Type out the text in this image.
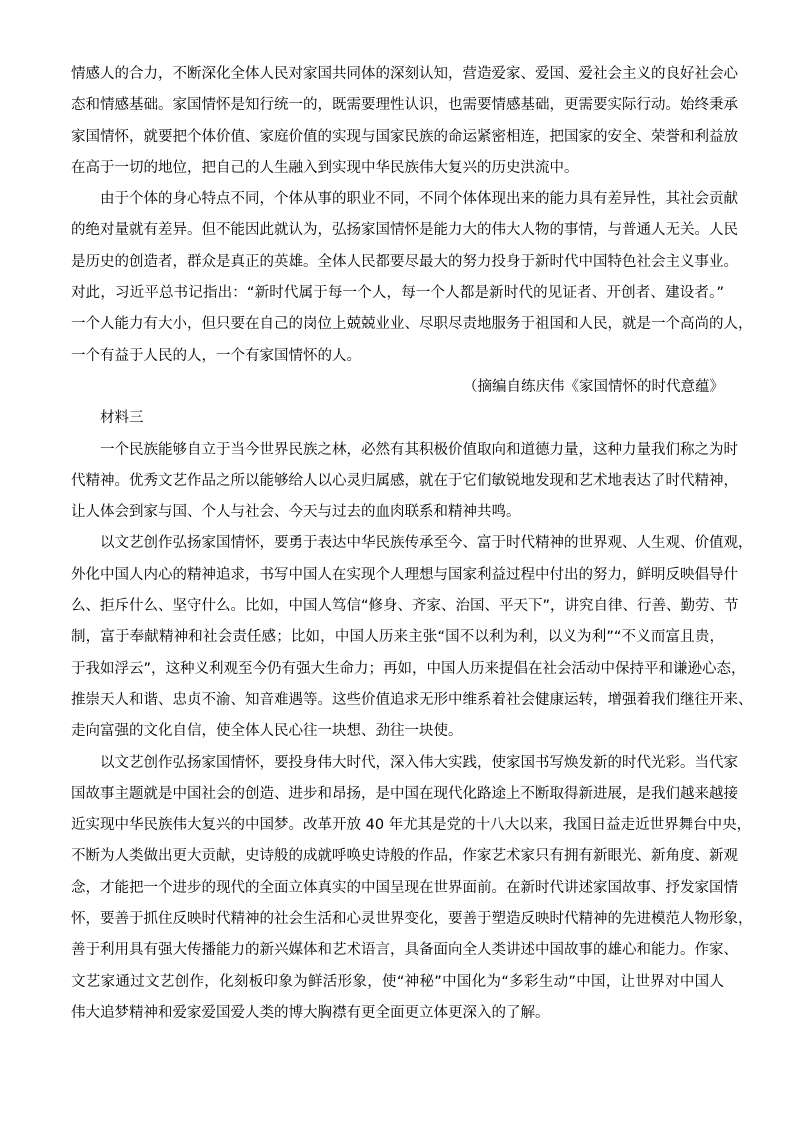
情感人的合力，不断深化全体人民对家国共同体的深刻认知，营造爱家、爱国、爱社会主义的良好社会心
态和情感基础。家国情怀是知行统一的，既需要理性认识，也需要情感基础，更需要实际行动。始终秉承
家国情怀，就要把个体价值、家庭价值的实现与国家民族的命运紧密相连，把国家的安全、荣誉和利益放
在高于一切的地位，把自己的人生融入到实现中华民族伟大复兴的历史洪流中。
由于个体的身心特点不同，个体从事的职业不同，不同个体体现出来的能力具有差异性，其社会贡献
的绝对量就有差异。但不能因此就认为，弘扬家国情怀是能力大的伟大人物的事情，与普通人无关。人民
是历史的创造者，群众是真正的英雄。全体人民都要尽最大的努力投身于新时代中国特色社会主义事业。
对此，习近平总书记指出：“新时代属于每一个人，每一个人都是新时代的见证者、开创者、建设者。”
一个人能力有大小，但只要在自己的岗位上兢兢业业、尽职尽责地服务于祖国和人民，就是一个高尚的人，
一个有益于人民的人，一个有家国情怀的人。
（摘编自练庆伟《家国情怀的时代意蕴》
材料三
一个民族能够自立于当今世界民族之林，必然有其积极价值取向和道德力量，这种力量我们称之为时
代精神。优秀文艺作品之所以能够给人以心灵归属感，就在于它们敏锐地发现和艺术地表达了时代精神，
让人体会到家与国、个人与社会、今天与过去的血肉联系和精神共鸣。
以文艺创作弘扬家国情怀，要勇于表达中华民族传承至今、富于时代精神的世界观、人生观、价值观，
外化中国人内心的精神追求，书写中国人在实现个人理想与国家利益过程中付出的努力，鲜明反映倡导什
么、拒斥什么、坚守什么。比如，中国人笃信“修身、齐家、治国、平天下”，讲究自律、行善、勤劳、节
制，富于奉献精神和社会责任感；比如，中国人历来主张“国不以利为利，以义为利”“不义而富且贵，
于我如浮云”，这种义利观至今仍有强大生命力；再如，中国人历来提倡在社会活动中保持平和谦逊心态，
推崇天人和谐、忠贞不渝、知音难遇等。这些价值追求无形中维系着社会健康运转，增强着我们继往开来、
走向富强的文化自信，使全体人民心往一块想、劲往一块使。
以文艺创作弘扬家国情怀，要投身伟大时代，深入伟大实践，使家国书写焕发新的时代光彩。当代家
国故事主题就是中国社会的创造、进步和昂扬，是中国在现代化路途上不断取得新进展，是我们越来越接
近实现中华民族伟大复兴的中国梦。改革开放 40 年尤其是党的十八大以来，我国日益走近世界舞台中央，
不断为人类做出更大贡献，史诗般的成就呼唤史诗般的作品，作家艺术家只有拥有新眼光、新角度、新观
念，才能把一个进步的现代的全面立体真实的中国呈现在世界面前。在新时代讲述家国故事、抒发家国情
怀，要善于抓住反映时代精神的社会生活和心灵世界变化，要善于塑造反映时代精神的先进模范人物形象，
善于利用具有强大传播能力的新兴媒体和艺术语言，具备面向全人类讲述中国故事的雄心和能力。作家、
文艺家通过文艺创作，化刻板印象为鲜活形象，使“神秘”中国化为“多彩生动”中国，让世界对中国人
伟大追梦精神和爱家爱国爱人类的博大胸襟有更全面更立体更深入的了解。
